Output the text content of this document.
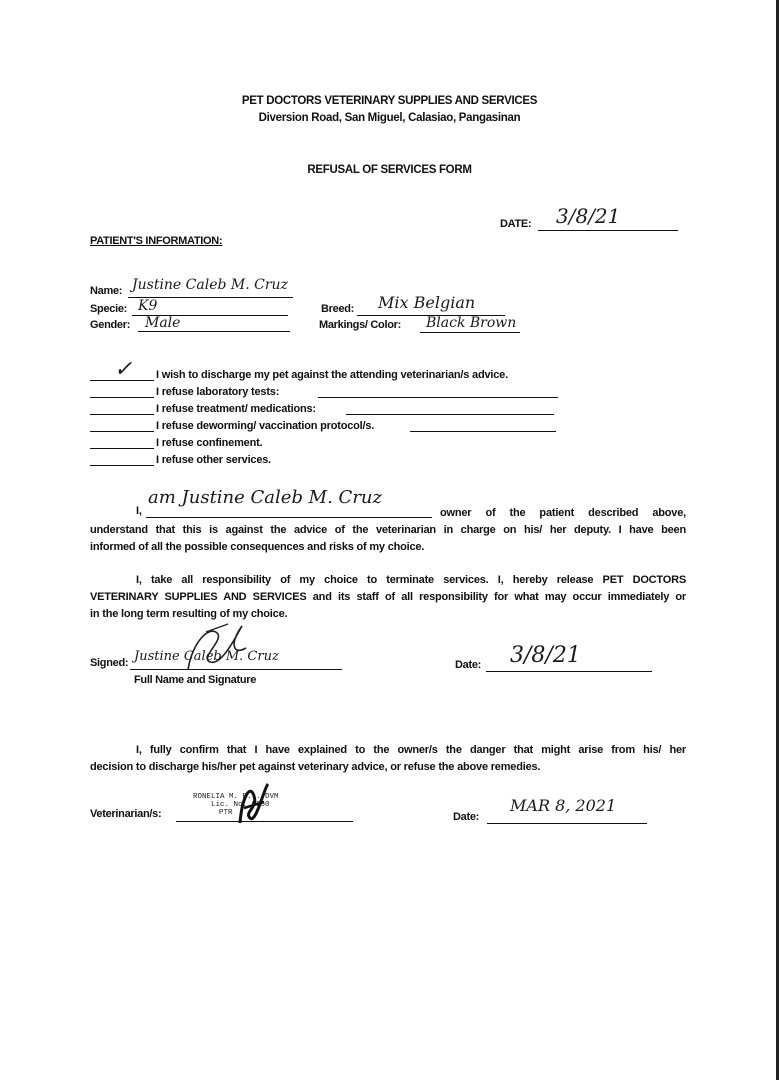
PET DOCTORS VETERINARY SUPPLIES AND SERVICES
Diversion Road, San Miguel, Calasiao, Pangasinan
REFUSAL OF SERVICES FORM
DATE: 3/8/21
PATIENT'S INFORMATION:
Name: Justine Caleb M. Cruz
Specie: K9
Gender: Male
Breed: Mix Belgian
Markings/ Color: Black Brown
✓ I wish to discharge my pet against the attending veterinarian/s advice.
I refuse laboratory tests:
I refuse treatment/ medications:
I refuse deworming/ vaccination protocol/s.
I refuse confinement.
I refuse other services.
I,
am Justine Caleb M. Cruz
owner of the patient described above,
understand that this is against the advice of the veterinarian in charge on his/ her deputy. I have been
informed of all the possible consequences and risks of my choice.
I, take all responsibility of my choice to terminate services. I, hereby release PET DOCTORS
VETERINARY SUPPLIES AND SERVICES and its staff of all responsibility for what may occur immediately or
in the long term resulting of my choice.
Signed: Justine Caleb M. Cruz
Full Name and Signature
Date: 3/8/21
I, fully confirm that I have explained to the owner/s the danger that might arise from his/ her
decision to discharge his/her pet against veterinary advice, or refuse the above remedies.
Veterinarian/s:
RONELIA M. B... DVM
Lic. No. 0550
PTR	Date:
MAR 8, 2021
